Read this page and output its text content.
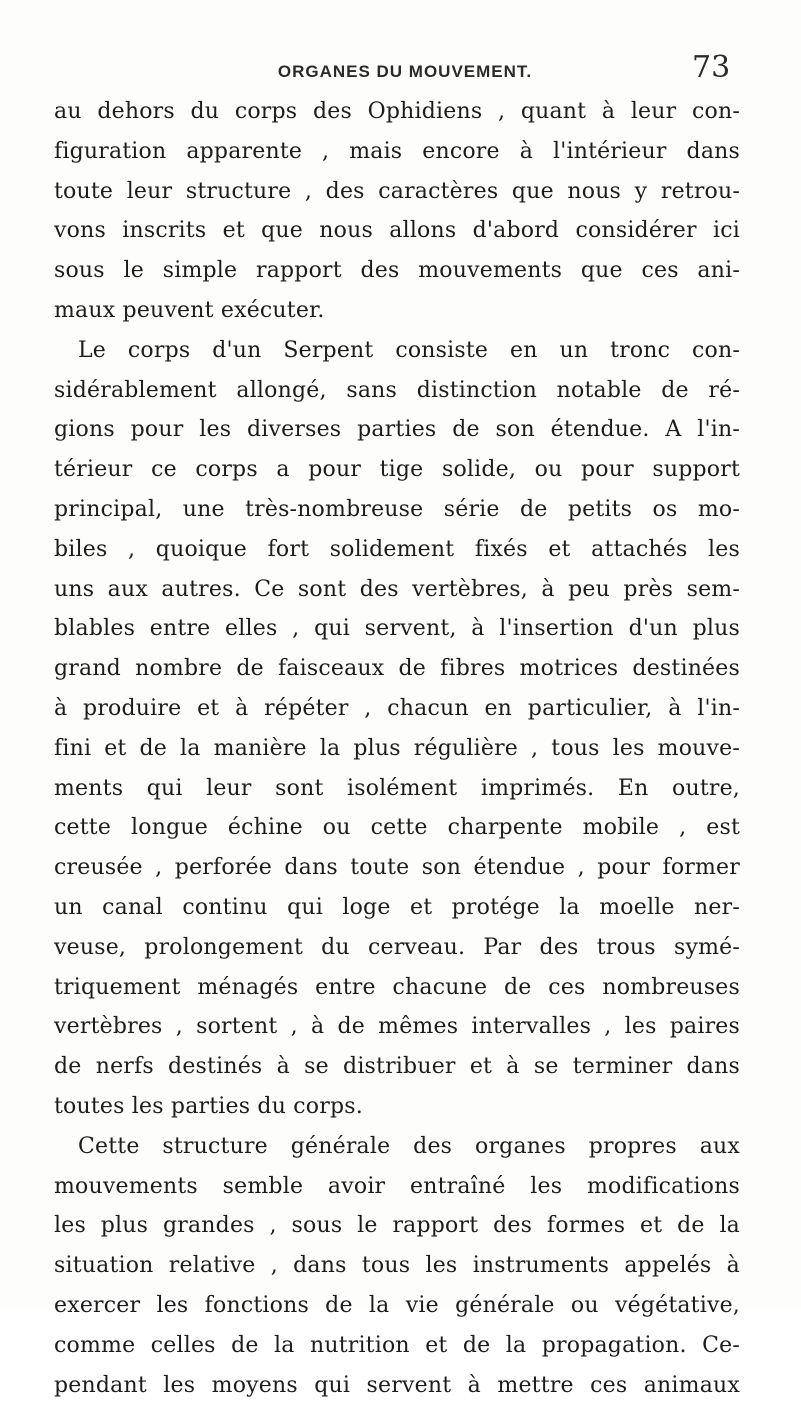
ORGANES DU MOUVEMENT.	73
au dehors du corps des Ophidiens , quant à leur con-
figuration apparente , mais encore à l'intérieur dans
toute leur structure , des caractères que nous y retrou-
vons inscrits et que nous allons d'abord considérer ici
sous le simple rapport des mouvements que ces ani-
maux peuvent exécuter.
Le corps d'un Serpent consiste en un tronc con-
sidérablement allongé, sans distinction notable de ré-
gions pour les diverses parties de son étendue. A l'in-
térieur ce corps a pour tige solide, ou pour support
principal, une très-nombreuse série de petits os mo-
biles , quoique fort solidement fixés et attachés les
uns aux autres. Ce sont des vertèbres, à peu près sem-
blables entre elles , qui servent, à l'insertion d'un plus
grand nombre de faisceaux de fibres motrices destinées
à produire et à répéter , chacun en particulier, à l'in-
fini et de la manière la plus régulière , tous les mouve-
ments qui leur sont isolément imprimés. En outre,
cette longue échine ou cette charpente mobile , est
creusée , perforée dans toute son étendue , pour former
un canal continu qui loge et protége la moelle ner-
veuse, prolongement du cerveau. Par des trous symé-
triquement ménagés entre chacune de ces nombreuses
vertèbres , sortent , à de mêmes intervalles , les paires
de nerfs destinés à se distribuer et à se terminer dans
toutes les parties du corps.
Cette structure générale des organes propres aux
mouvements semble avoir entraîné les modifications
les plus grandes , sous le rapport des formes et de la
situation relative , dans tous les instruments appelés à
exercer les fonctions de la vie générale ou végétative,
comme celles de la nutrition et de la propagation. Ce-
pendant les moyens qui servent à mettre ces animaux
